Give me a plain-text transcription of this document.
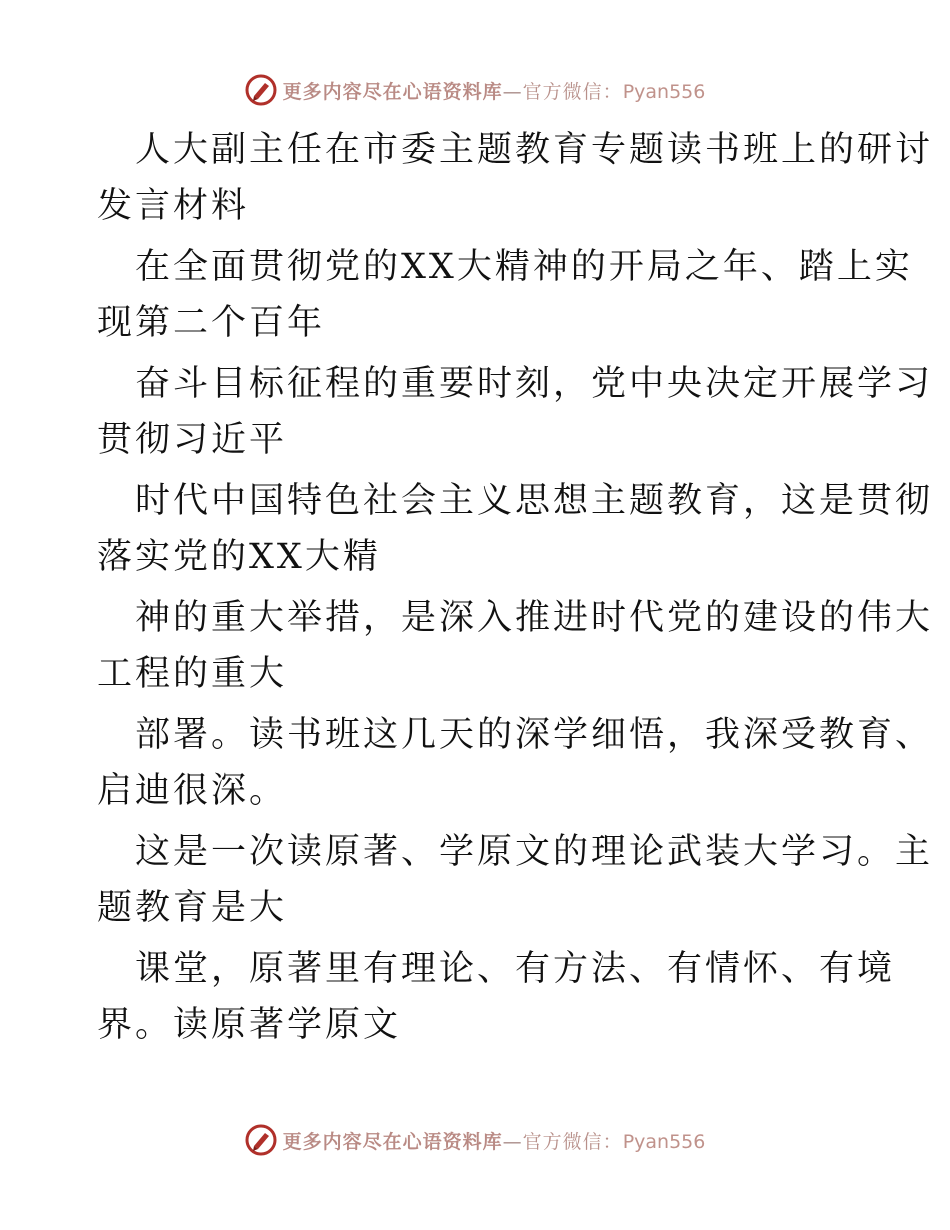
更多内容尽在心语资料库—官方微信：Pyan556
人大副主任在市委主题教育专题读书班上的研讨
发言材料
在全面贯彻党的XX大精神的开局之年、踏上实
现第二个百年
奋斗目标征程的重要时刻，党中央决定开展学习
贯彻习近平
时代中国特色社会主义思想主题教育，这是贯彻
落实党的XX大精
神的重大举措，是深入推进时代党的建设的伟大
工程的重大
部署。读书班这几天的深学细悟，我深受教育、
启迪很深。
这是一次读原著、学原文的理论武装大学习。主
题教育是大
课堂，原著里有理论、有方法、有情怀、有境
界。读原著学原文
更多内容尽在心语资料库—官方微信：Pyan556
